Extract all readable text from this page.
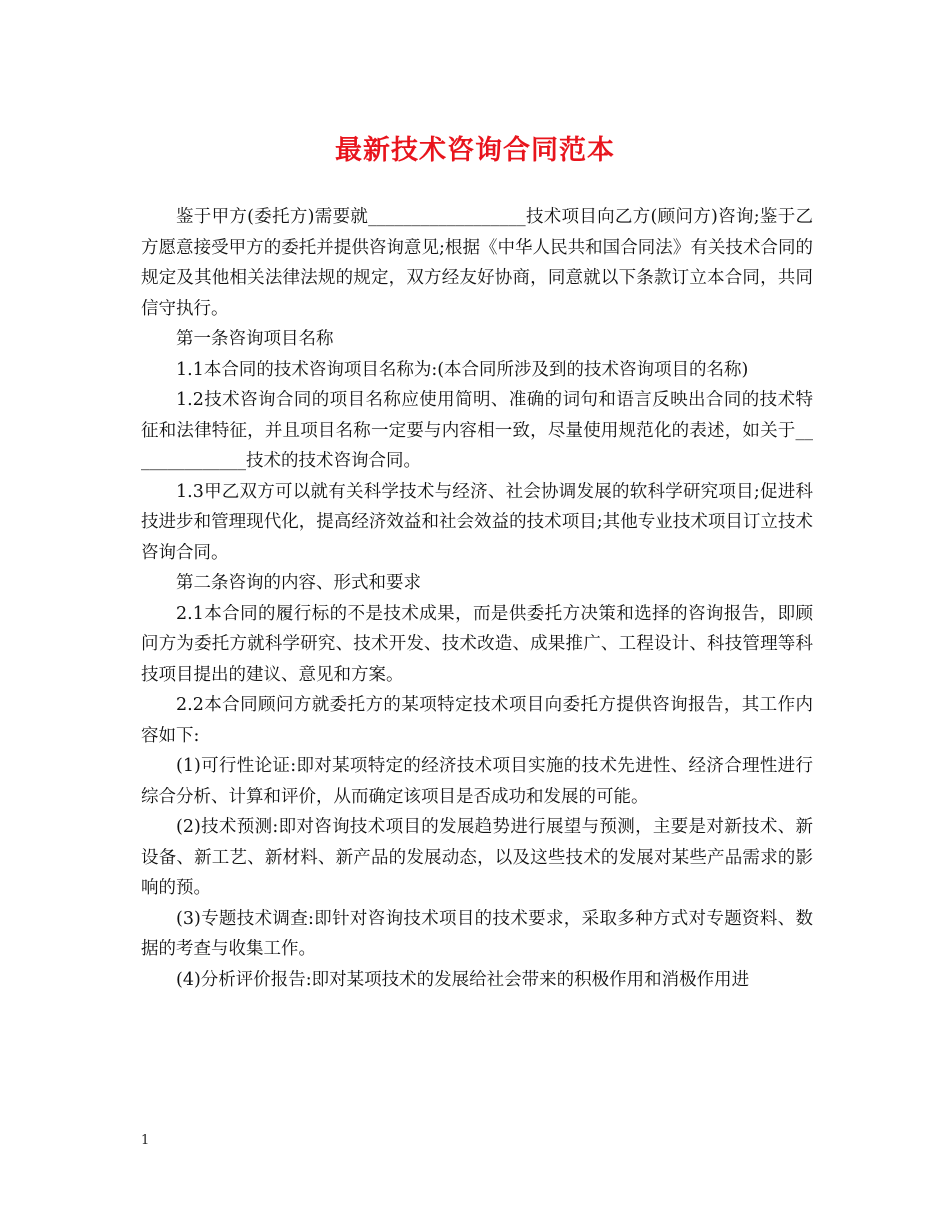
最新技术咨询合同范本

鉴于甲方(委托方)需要就__________________技术项目向乙方(顾问方)咨询;鉴于乙方愿意接受甲方的委托并提供咨询意见;根据《中华人民共和国合同法》有关技术合同的规定及其他相关法律法规的规定，双方经友好协商，同意就以下条款订立本合同，共同信守执行。

第一条咨询项目名称

1.1本合同的技术咨询项目名称为:(本合同所涉及到的技术咨询项目的名称)

1.2技术咨询合同的项目名称应使用简明、准确的词句和语言反映出合同的技术特征和法律特征，并且项目名称一定要与内容相一致，尽量使用规范化的表述，如关于______________技术的技术咨询合同。

1.3甲乙双方可以就有关科学技术与经济、社会协调发展的软科学研究项目;促进科技进步和管理现代化，提高经济效益和社会效益的技术项目;其他专业技术项目订立技术咨询合同。

第二条咨询的内容、形式和要求

2.1本合同的履行标的不是技术成果，而是供委托方决策和选择的咨询报告，即顾问方为委托方就科学研究、技术开发、技术改造、成果推广、工程设计、科技管理等科技项目提出的建议、意见和方案。

2.2本合同顾问方就委托方的某项特定技术项目向委托方提供咨询报告，其工作内容如下:

(1)可行性论证:即对某项特定的经济技术项目实施的技术先进性、经济合理性进行综合分析、计算和评价，从而确定该项目是否成功和发展的可能。

(2)技术预测:即对咨询技术项目的发展趋势进行展望与预测，主要是对新技术、新设备、新工艺、新材料、新产品的发展动态，以及这些技术的发展对某些产品需求的影响的预。

(3)专题技术调查:即针对咨询技术项目的技术要求，采取多种方式对专题资料、数据的考查与收集工作。

(4)分析评价报告:即对某项技术的发展给社会带来的积极作用和消极作用进

1
